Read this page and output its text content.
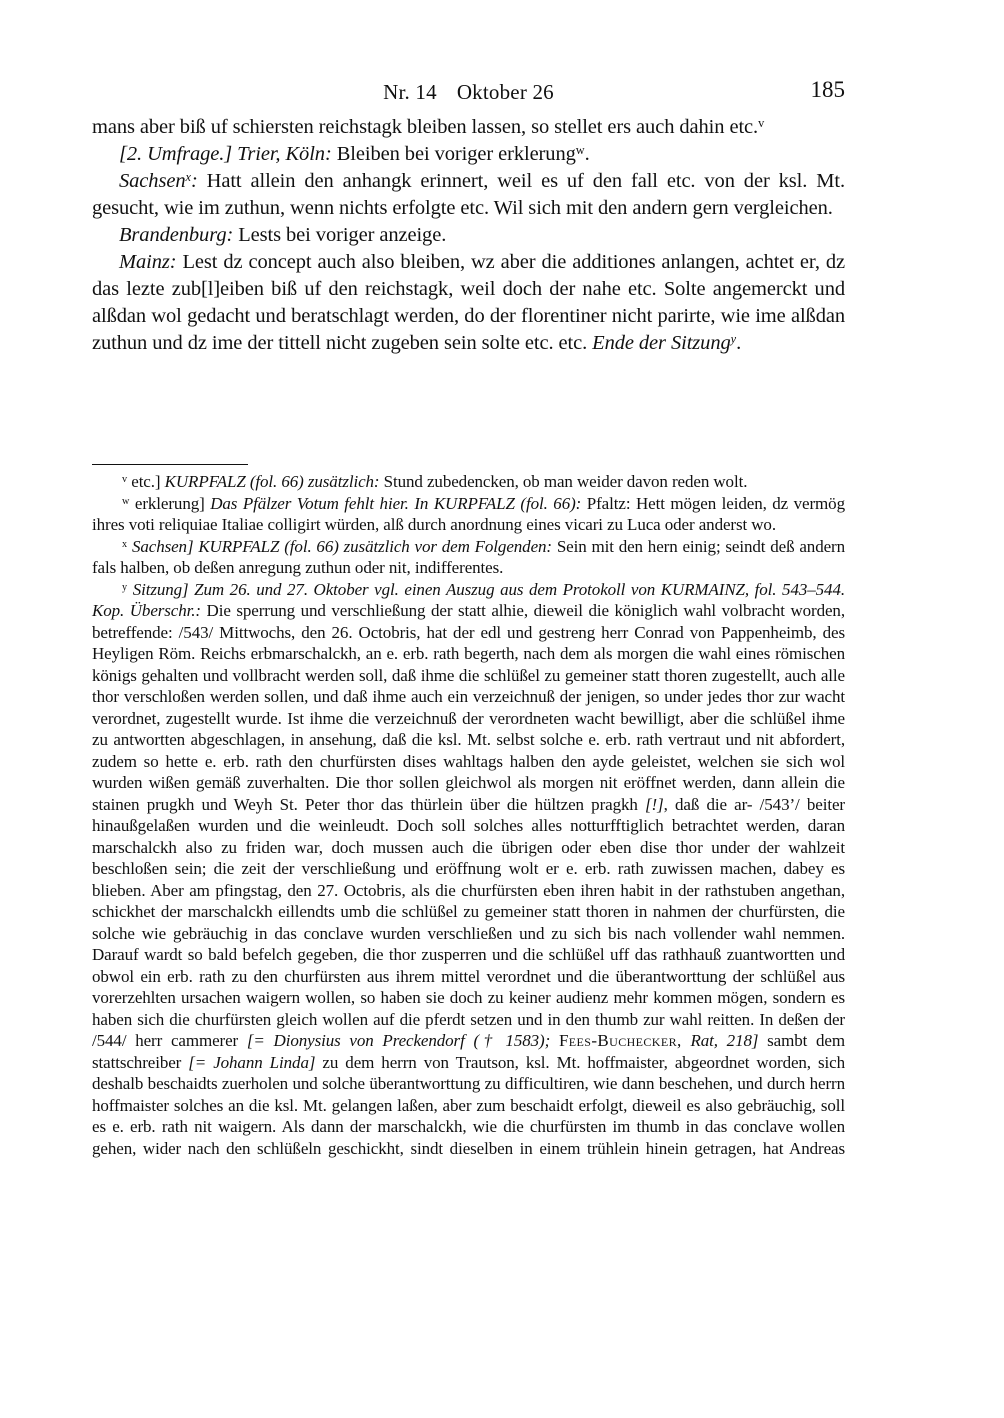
Nr. 14 Oktober 26	185

mans aber biß uf schiersten reichstagk bleiben lassen, so stellet ers auch dahin etc.$^v$

[2. Umfrage.] Trier, Köln: Bleiben bei voriger erklerung$^w$.

Sachsen$^x$: Hatt allein den anhangk erinnert, weil es uf den fall etc. von der ksl. Mt. gesucht, wie im zuthun, wenn nichts erfolgte etc. Wil sich mit den andern gern vergleichen.

Brandenburg: Lests bei voriger anzeige.

Mainz: Lest dz concept auch also bleiben, wz aber die additiones anlangen, achtet er, dz das lezte zub[l]eiben biß uf den reichstagk, weil doch der nahe etc. Solte angemerckt und alßdan wol gedacht und beratschlagt werden, do der florentiner nicht parirte, wie ime alßdan zuthun und dz ime der tittell nicht zugeben sein solte etc. etc. Ende der Sitzung$^y$.

$^v$ etc.] KURPFALZ (fol. 66) zusätzlich: Stund zubedencken, ob man weider davon reden wolt.

$^w$ erklerung] Das Pfälzer Votum fehlt hier. In KURPFALZ (fol. 66): Pfaltz: Hett mögen leiden, dz vermög ihres voti reliquiae Italiae colligirt würden, alß durch anordnung eines vicari zu Luca oder anderst wo.

$^x$ Sachsen] KURPFALZ (fol. 66) zusätzlich vor dem Folgenden: Sein mit den hern einig; seindt deß andern fals halben, ob deßen anregung zuthun oder nit, indifferentes.

$^y$ Sitzung] Zum 26. und 27. Oktober vgl. einen Auszug aus dem Protokoll von KURMAINZ, fol. 543–544. Kop. Überschr.: Die sperrung und verschließung der statt alhie, dieweil die königlich wahl volbracht worden, betreffende: /543/ Mittwochs, den 26. Octobris, hat der edl und gestreng herr Conrad von Pappenheimb, des Heyligen Röm. Reichs erbmarschalckh, an e. erb. rath begerth, nach dem als morgen die wahl eines römischen königs gehalten und vollbracht werden soll, daß ihme die schlüßel zu gemeiner statt thoren zugestellt, auch alle thor verschloßen werden sollen, und daß ihme auch ein verzeichnuß der jenigen, so under jedes thor zur wacht verordnet, zugestellt wurde. Ist ihme die verzeichnuß der verordneten wacht bewilligt, aber die schlüßel ihme zu antwortten abgeschlagen, in ansehung, daß die ksl. Mt. selbst solche e. erb. rath vertraut und nit abfordert, zudem so hette e. erb. rath den churfürsten dises wahltags halben den ayde geleistet, welchen sie sich wol wurden wißen gemäß zuverhalten. Die thor sollen gleichwol als morgen nit eröffnet werden, dann allein die stainen prugkh und Weyh St. Peter thor das thürlein über die hültzen pragkh [!], daß die ar- /543’/ beiter hinaußgelaßen wurden und die weinleudt. Doch soll solches alles notturfftiglich betrachtet werden, daran marschalckh also zu friden war, doch mussen auch die übrigen oder eben dise thor under der wahlzeit beschloßen sein; die zeit der verschließung und eröffnung wolt er e. erb. rath zuwissen machen, dabey es blieben. Aber am pfingstag, den 27. Octobris, als die churfürsten eben ihren habit in der rathstuben angethan, schickhet der marschalckh eillendts umb die schlüßel zu gemeiner statt thoren in nahmen der churfürsten, die solche wie gebräuchig in das conclave wurden verschließen und zu sich bis nach vollender wahl nemmen. Darauf wardt so bald befelch gegeben, die thor zusperren und die schlüßel uff das rathhauß zuantwortten und obwol ein erb. rath zu den churfürsten aus ihrem mittel verordnet und die überantworttung der schlüßel aus vorerzehlten ursachen waigern wollen, so haben sie doch zu keiner audienz mehr kommen mögen, sondern es haben sich die churfürsten gleich wollen auf die pferdt setzen und in den thumb zur wahl reitten. In deßen der /544/ herr cammerer [= Dionysius von Preckendorf († 1583); Fees-Buchecker, Rat, 218] sambt dem stattschreiber [= Johann Linda] zu dem herrn von Trautson, ksl. Mt. hoffmaister, abgeordnet worden, sich deshalb beschaidts zuerholen und solche überantworttung zu difficultiren, wie dann beschehen, und durch herrn hoffmaister solches an die ksl. Mt. gelangen laßen, aber zum beschaidt erfolgt, dieweil es also gebräuchig, soll es e. erb. rath nit waigern. Als dann der marschalckh, wie die churfürsten im thumb in das conclave wollen gehen, wider nach den schlüßeln geschickht, sindt dieselben in einem trühlein hinein getragen, hat Andreas
